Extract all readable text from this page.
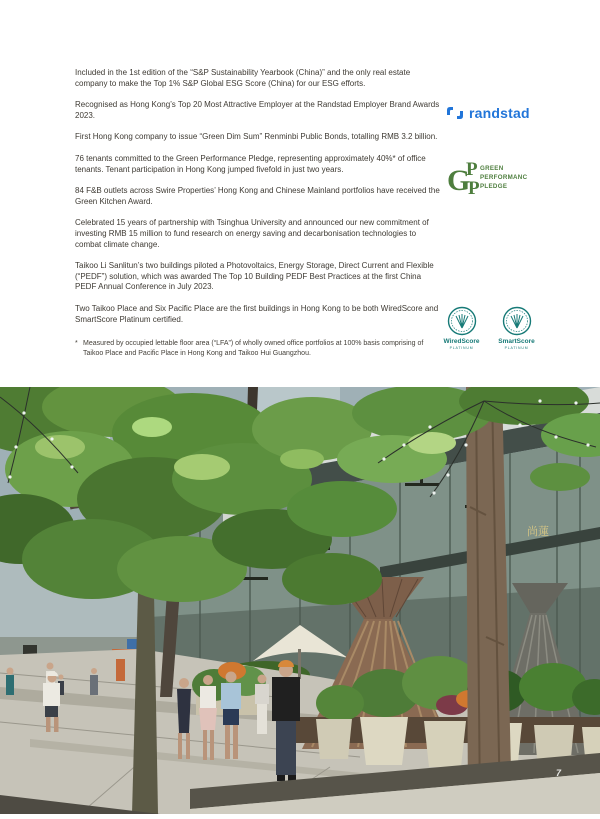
Included in the 1st edition of the “S&P Sustainability Yearbook (China)” and the only real estate company to make the Top 1% S&P Global ESG Score (China) for our ESG efforts.

Recognised as Hong Kong’s Top 20 Most Attractive Employer at the Randstad Employer Brand Awards 2023.

First Hong Kong company to issue “Green Dim Sum” Renminbi Public Bonds, totalling RMB 3.2 billion.

76 tenants committed to the Green Performance Pledge, representing approximately 40%* of office tenants. Tenant participation in Hong Kong jumped fivefold in just two years.

84 F&B outlets across Swire Properties’ Hong Kong and Chinese Mainland portfolios have received the Green Kitchen Award.

Celebrated 15 years of partnership with Tsinghua University and announced our new commitment of investing RMB 15 million to fund research on energy saving and decarbonisation technologies to combat climate change.

Taikoo Li Sanlitun’s two buildings piloted a Photovoltaics, Energy Storage, Direct Current and Flexible (“PEDF”) solution, which was awarded The Top 10 Building PEDF Best Practices at the first China PEDF Annual Conference in July 2023.

Two Taikoo Place and Six Pacific Place are the first buildings in Hong Kong to be both WiredScore and SmartScore Platinum certified.

* Measured by occupied lettable floor area (“LFA”) of wholly owned office portfolios at 100% basis comprising of Taikoo Place and Pacific Place in Hong Kong and Taikoo Hui Guangzhou.
randstad
G
P
P
GREEN
PERFORMANCE
PLEDGE
WiredScore
PLATINUM
SmartScore
PLATINUM
尚蓮
7
